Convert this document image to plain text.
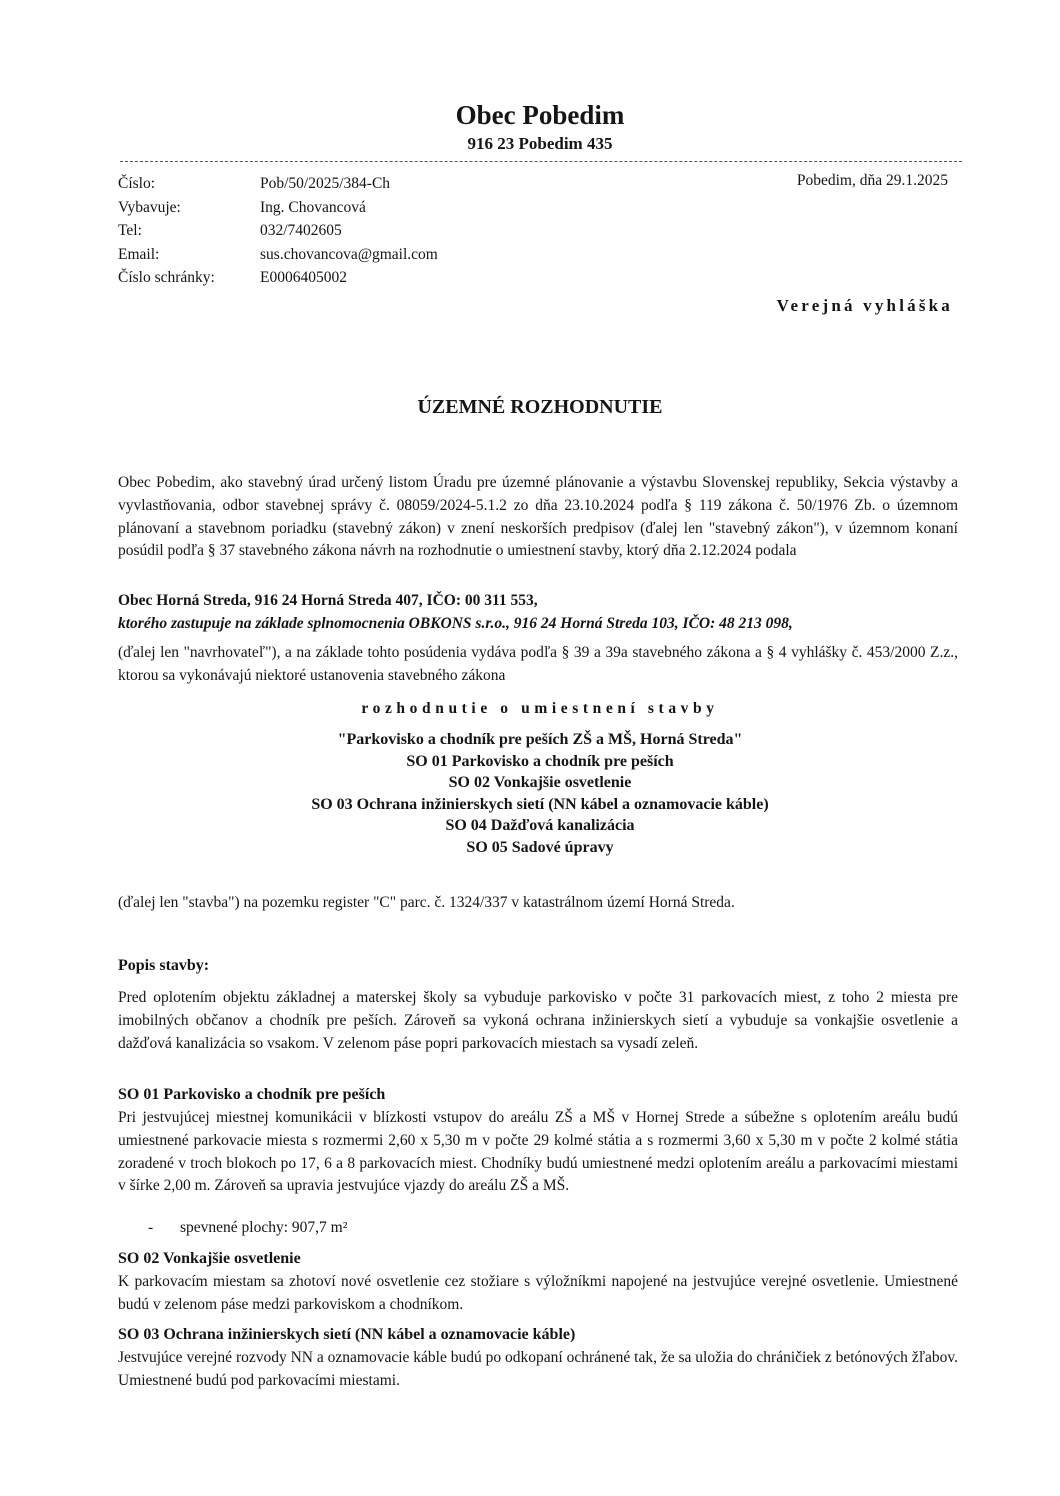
Obec Pobedim
916 23 Pobedim 435
Číslo:	Pob/50/2025/384-Ch
Vybavuje:	Ing. Chovancová
Tel:	032/7402605
Email:	sus.chovancova@gmail.com
Číslo schránky:	E0006405002
Pobedim, dňa 29.1.2025
Verejná vyhláška
ÚZEMNÉ ROZHODNUTIE
Obec Pobedim, ako stavebný úrad určený listom Úradu pre územné plánovanie a výstavbu Slovenskej republiky, Sekcia výstavby a vyvlastňovania, odbor stavebnej správy č. 08059/2024-5.1.2 zo dňa 23.10.2024 podľa § 119 zákona č. 50/1976 Zb. o územnom plánovaní a stavebnom poriadku (stavebný zákon) v znení neskorších predpisov (ďalej len "stavebný zákon"), v územnom konaní posúdil podľa § 37 stavebného zákona návrh na rozhodnutie o umiestnení stavby, ktorý dňa 2.12.2024 podala
Obec Horná Streda, 916 24 Horná Streda 407, IČO: 00 311 553,
ktorého zastupuje na základe splnomocnenia OBKONS s.r.o., 916 24 Horná Streda 103, IČO: 48 213 098,
(ďalej len "navrhovateľ"), a na základe tohto posúdenia vydáva podľa § 39 a 39a stavebného zákona a § 4 vyhlášky č. 453/2000 Z.z., ktorou sa vykonávajú niektoré ustanovenia stavebného zákona
rozhodnutie o umiestnení stavby
"Parkovisko a chodník pre peších ZŠ a MŠ, Horná Streda"
SO 01 Parkovisko a chodník pre peších
SO 02 Vonkajšie osvetlenie
SO 03 Ochrana inžinierskych sietí (NN kábel a oznamovacie káble)
SO 04 Dažďová kanalizácia
SO 05 Sadové úpravy
(ďalej len "stavba") na pozemku register "C" parc. č. 1324/337 v katastrálnom území Horná Streda.
Popis stavby:
Pred oplotením objektu základnej a materskej školy sa vybuduje parkovisko v počte 31 parkovacích miest, z toho 2 miesta pre imobilných občanov a chodník pre peších. Zároveň sa vykoná ochrana inžinierskych sietí a vybuduje sa vonkajšie osvetlenie a dažďová kanalizácia so vsakom. V zelenom páse popri parkovacích miestach sa vysadí zeleň.
SO 01 Parkovisko a chodník pre peších
Pri jestvujúcej miestnej komunikácii v blízkosti vstupov do areálu ZŠ a MŠ v Hornej Strede a súbežne s oplotením areálu budú umiestnené parkovacie miesta s rozmermi 2,60 x 5,30 m v počte 29 kolmé státia a s rozmermi 3,60 x 5,30 m v počte 2 kolmé státia zoradené v troch blokoch po 17, 6 a 8 parkovacích miest. Chodníky budú umiestnené medzi oplotením areálu a parkovacími miestami v šírke 2,00 m. Zároveň sa upravia jestvujúce vjazdy do areálu ZŠ a MŠ.
- spevnené plochy: 907,7 m²
SO 02 Vonkajšie osvetlenie
K parkovacím miestam sa zhotoví nové osvetlenie cez stožiare s výložníkmi napojené na jestvujúce verejné osvetlenie. Umiestnené budú v zelenom páse medzi parkoviskom a chodníkom.
SO 03 Ochrana inžinierskych sietí (NN kábel a oznamovacie káble)
Jestvujúce verejné rozvody NN a oznamovacie káble budú po odkopaní ochránené tak, že sa uložia do chráničiek z betónových žľabov. Umiestnené budú pod parkovacími miestami.
